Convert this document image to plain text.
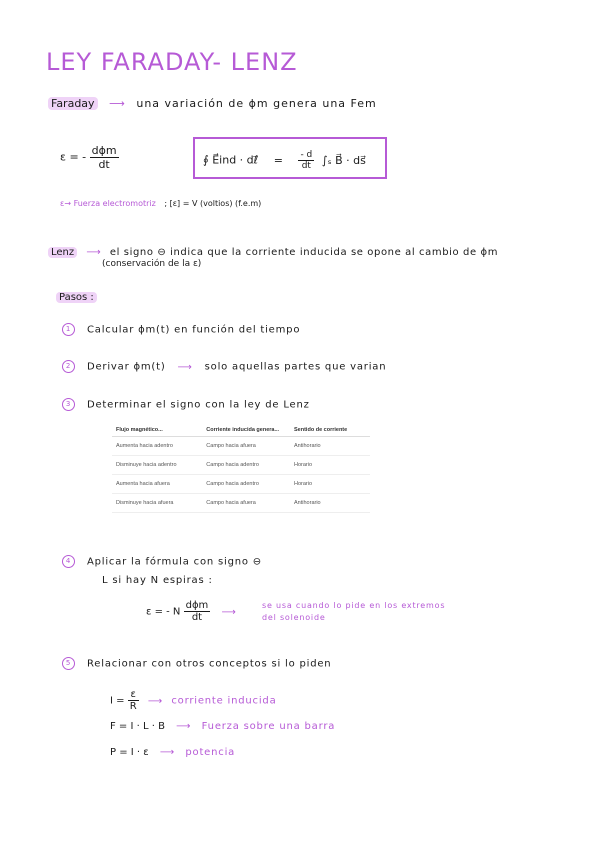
LEY FARADAY- LENZ
Faraday ⟶ una variación de ϕm genera una Fem
ε = - $\frac{\text{dϕm}}{dt}$	∮ E⃗ind · dℓ⃗ = $\frac{- d}{dt} \int_s$ B⃗ · ds⃗
ε→ Fuerza electromotriz ; [ε] = V (voltios) (f.e.m)
Lenz ⟶ el signo ⊖ indica que la corriente inducida se opone al cambio de ϕm
(conservación de la ε)
Pasos :
1 Calcular ϕm(t) en función del tiempo
2 Derivar ϕm(t) ⟶ solo aquellas partes que varian
3 Determinar el signo con la ley de Lenz
Flujo magnético...	Corriente inducida genera...	Sentido de corriente
Aumenta hacia adentro	Campo hacia afuera	Antihorario
Disminuye hacia adentro	Campo hacia adentro	Horario
Aumenta hacia afuera	Campo hacia adentro	Horario
Disminuye hacia afuera	Campo hacia afuera	Antihorario
4 Aplicar la fórmula con signo ⊖
L si hay N espiras :
ε = - N $\frac{\text{dϕm}}{dt}$ ⟶
se usa cuando lo pide en los extremos
del solenoide
5 Relacionar con otros conceptos si lo piden
$I = \frac{\varepsilon}{R}$ ⟶ corriente inducida
F = I · L · B ⟶ Fuerza sobre una barra
P = I · ε ⟶ potencia
